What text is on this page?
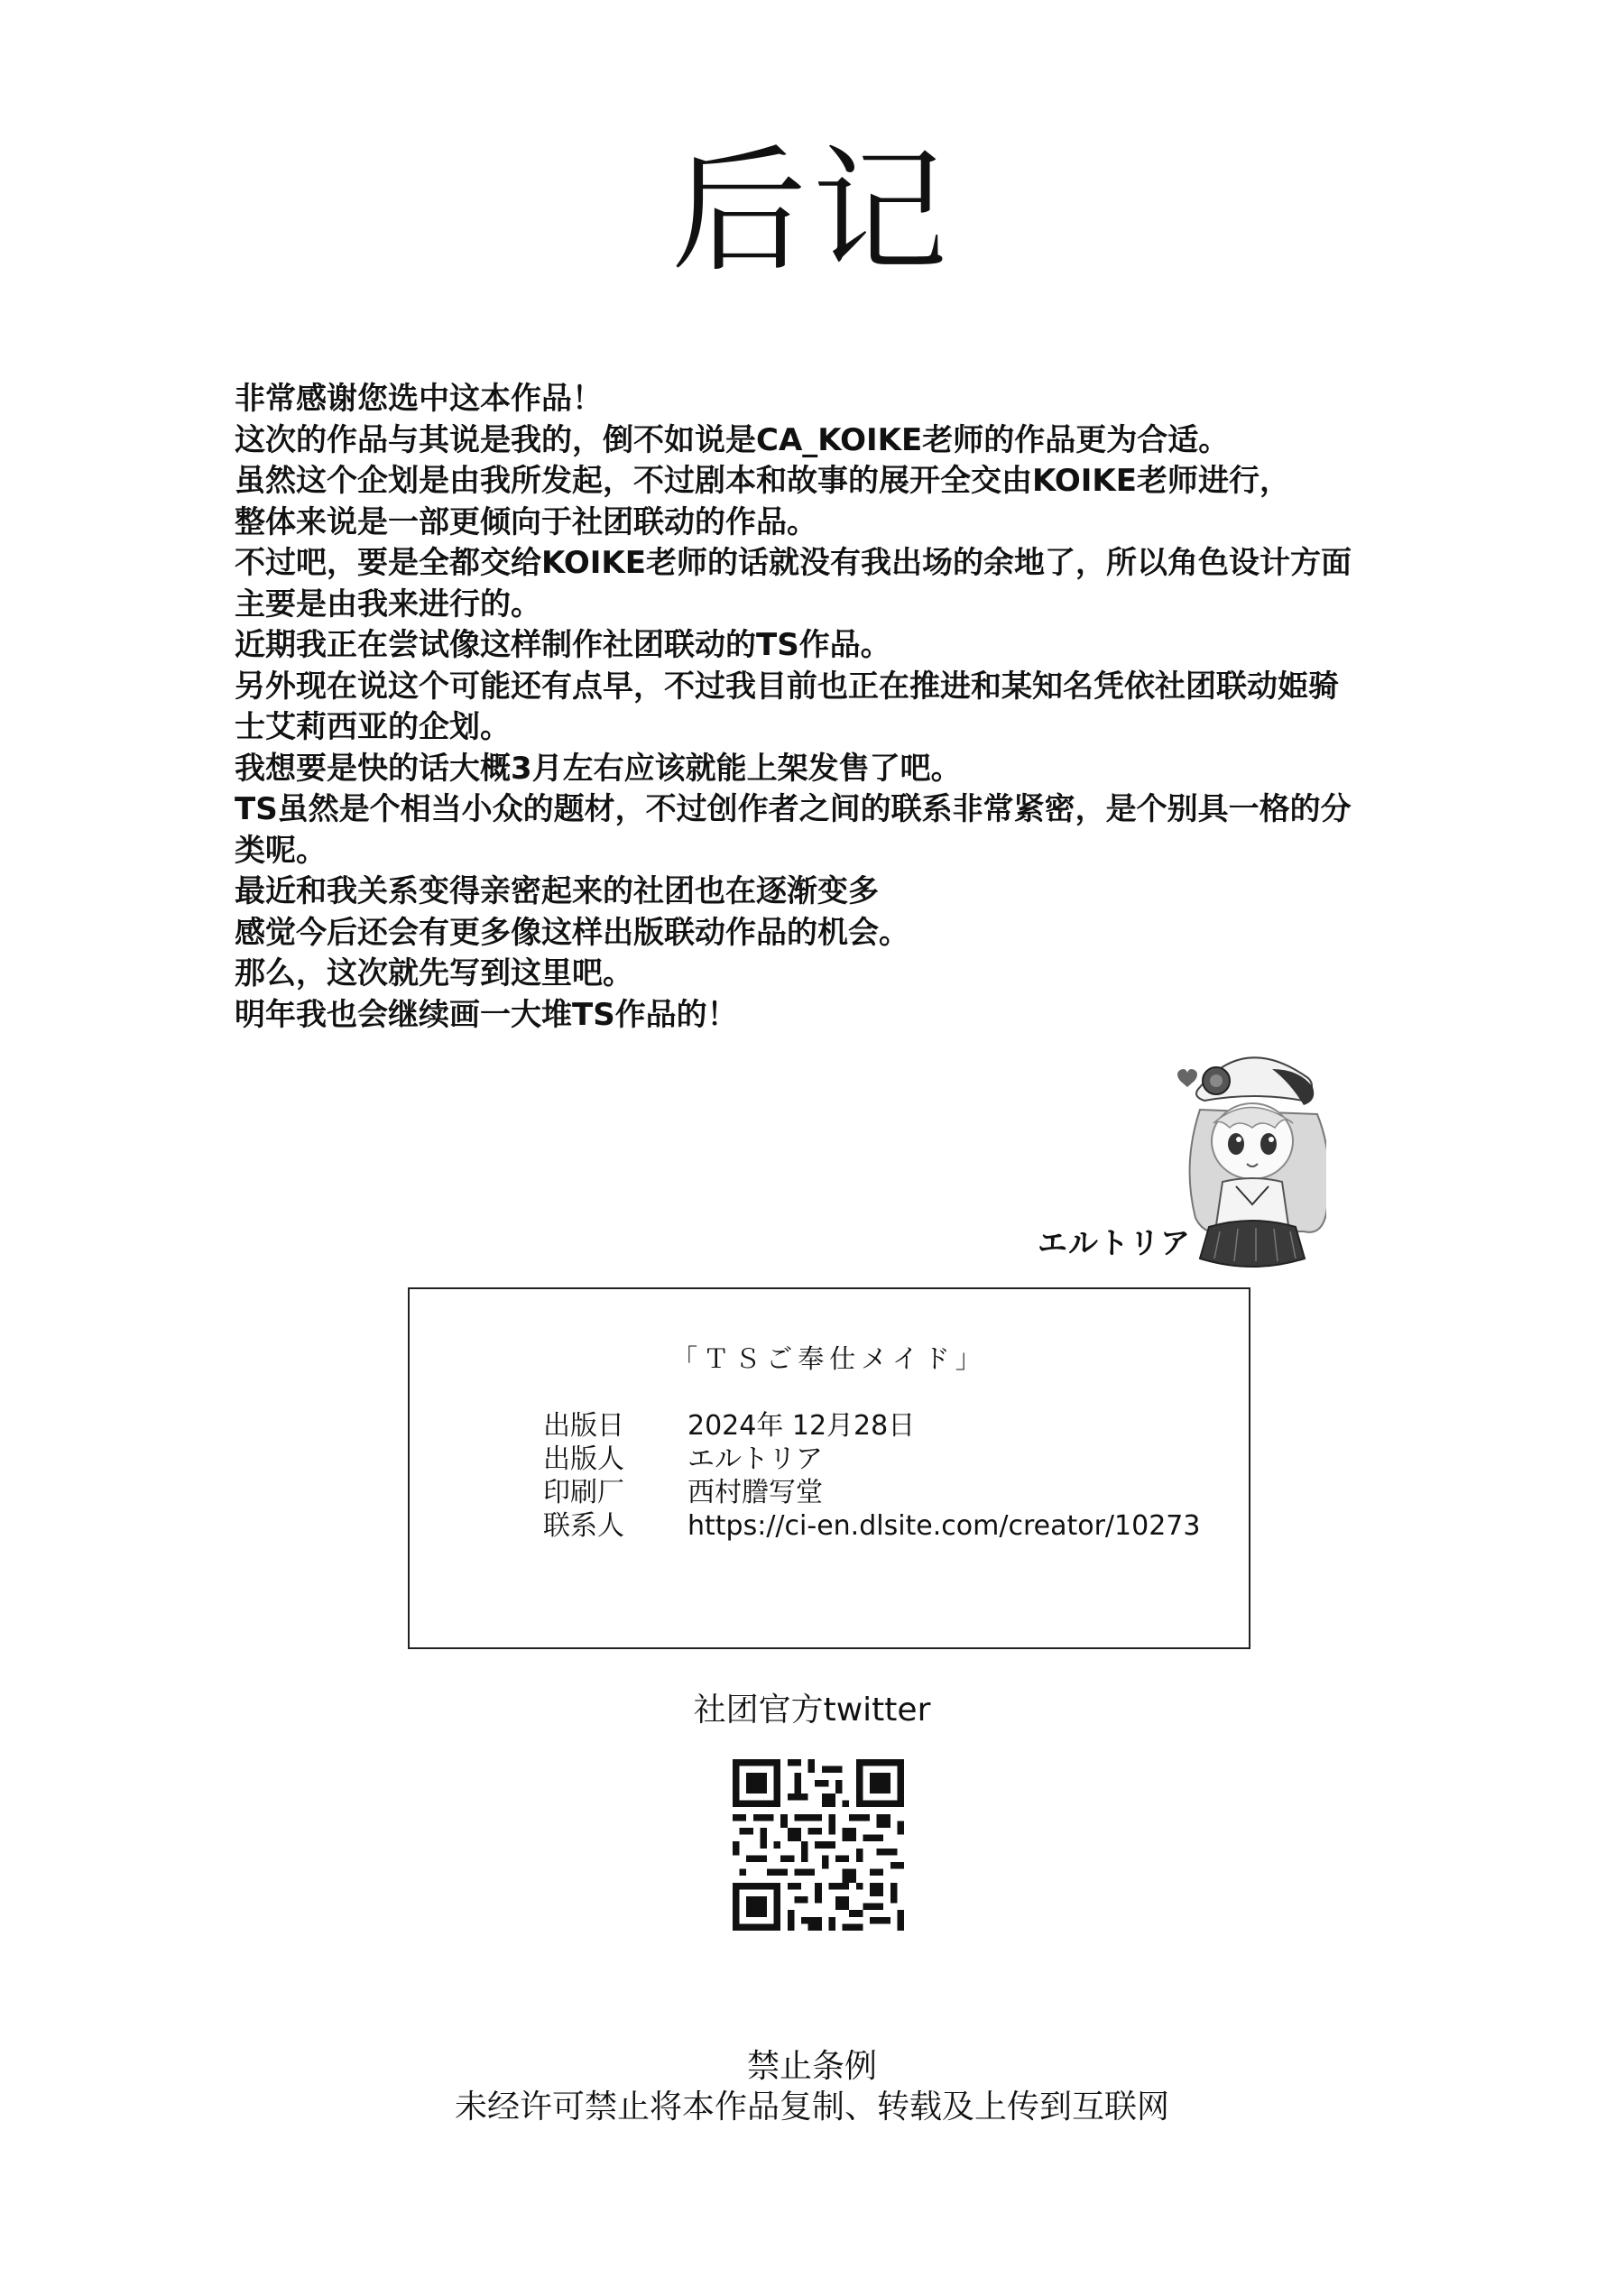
后记
非常感谢您选中这本作品！
这次的作品与其说是我的，倒不如说是CA_KOIKE老师的作品更为合适。
虽然这个企划是由我所发起，不过剧本和故事的展开全交由KOIKE老师进行，
整体来说是一部更倾向于社团联动的作品。
不过吧，要是全都交给KOIKE老师的话就没有我出场的余地了，所以角色设计方面
主要是由我来进行的。
近期我正在尝试像这样制作社团联动的TS作品。
另外现在说这个可能还有点早，不过我目前也正在推进和某知名凭依社团联动姫骑
士艾莉西亚的企划。
我想要是快的话大概3月左右应该就能上架发售了吧。
TS虽然是个相当小众的题材，不过创作者之间的联系非常紧密，是个别具一格的分
类呢。
最近和我关系变得亲密起来的社团也在逐渐变多
感觉今后还会有更多像这样出版联动作品的机会。
那么，这次就先写到这里吧。
明年我也会继续画一大堆TS作品的！
エルトリア
「ＴＳご奉仕メイド」
出版日	2024年 12月28日
出版人	エルトリア
印刷厂	西村謄写堂
联系人	https://ci-en.dlsite.com/creator/10273
社团官方twitter
禁止条例
未经许可禁止将本作品复制、转载及上传到互联网
